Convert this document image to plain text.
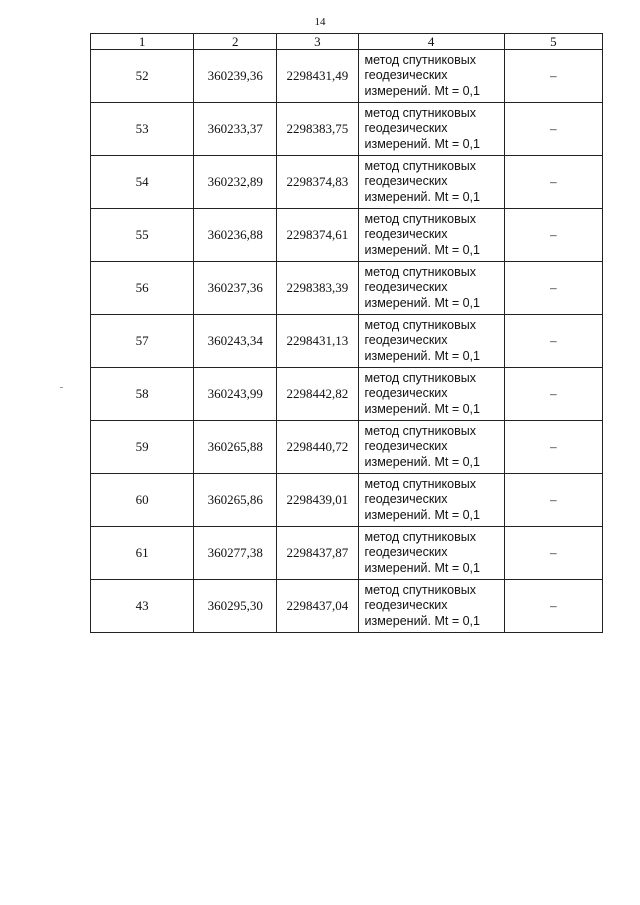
14
1	2	3	4	5
52	360239,36	2298431,49	метод спутниковых
геодезических
измерений. Mt = 0,1	–
53	360233,37	2298383,75	метод спутниковых
геодезических
измерений. Mt = 0,1	–
54	360232,89	2298374,83	метод спутниковых
геодезических
измерений. Mt = 0,1	–
55	360236,88	2298374,61	метод спутниковых
геодезических
измерений. Mt = 0,1	–
56	360237,36	2298383,39	метод спутниковых
геодезических
измерений. Mt = 0,1	–
57	360243,34	2298431,13	метод спутниковых
геодезических
измерений. Mt = 0,1	–
58	360243,99	2298442,82	метод спутниковых
геодезических
измерений. Mt = 0,1	–
59	360265,88	2298440,72	метод спутниковых
геодезических
измерений. Mt = 0,1	–
60	360265,86	2298439,01	метод спутниковых
геодезических
измерений. Mt = 0,1	–
61	360277,38	2298437,87	метод спутниковых
геодезических
измерений. Mt = 0,1	–
43	360295,30	2298437,04	метод спутниковых
геодезических
измерений. Mt = 0,1	–
